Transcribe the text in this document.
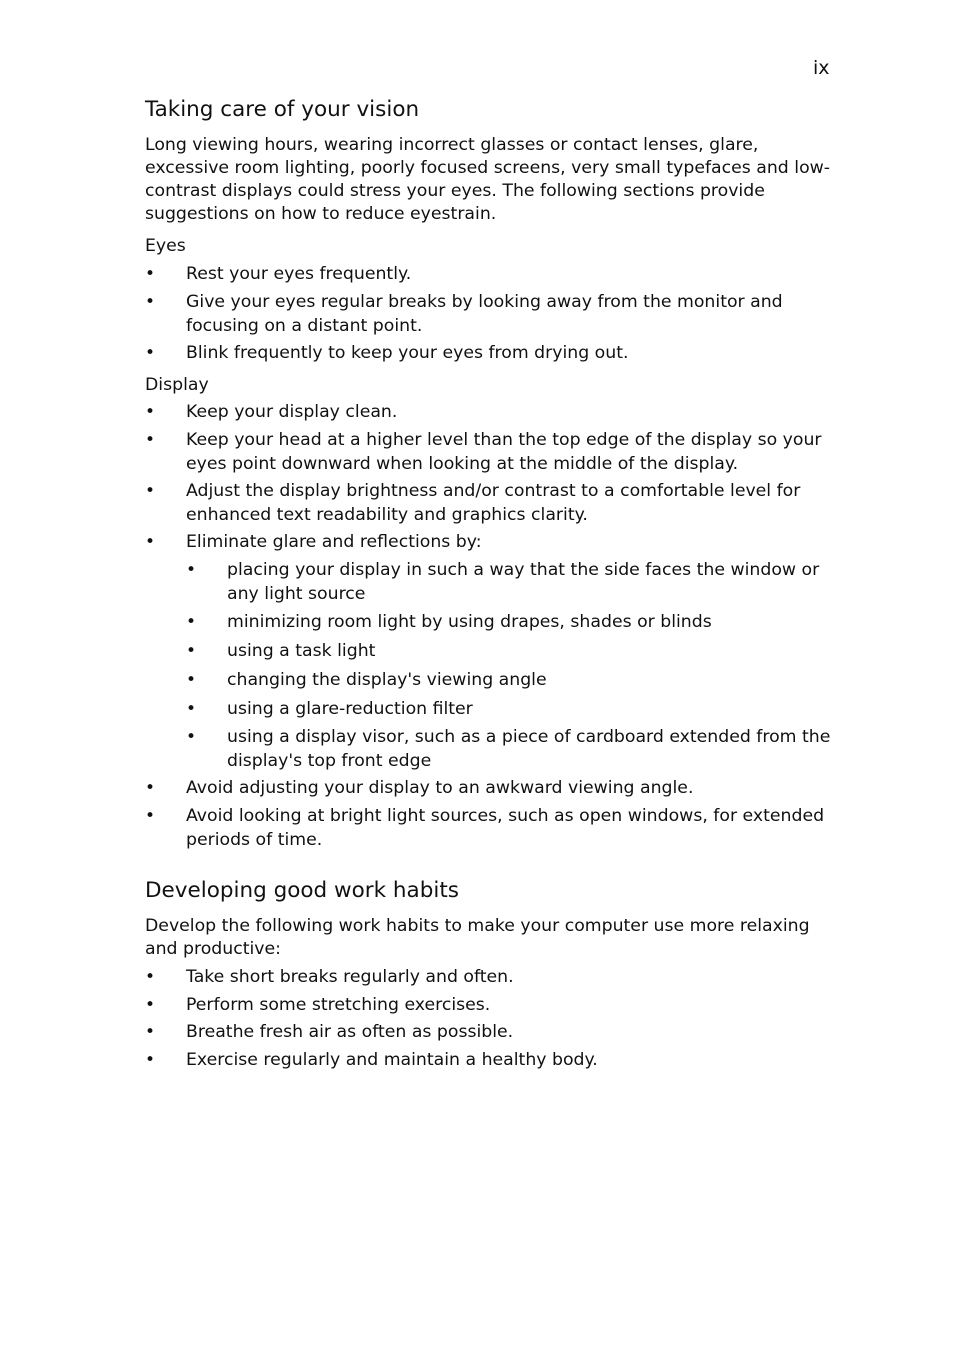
ix
Taking care of your vision

Long viewing hours, wearing incorrect glasses or contact lenses, glare, excessive room lighting, poorly focused screens, very small typefaces and low-contrast displays could stress your eyes. The following sections provide suggestions on how to reduce eyestrain.

Eyes

• Rest your eyes frequently.
• Give your eyes regular breaks by looking away from the monitor and focusing on a distant point.
• Blink frequently to keep your eyes from drying out.

Display

• Keep your display clean.
• Keep your head at a higher level than the top edge of the display so your eyes point downward when looking at the middle of the display.
• Adjust the display brightness and/or contrast to a comfortable level for enhanced text readability and graphics clarity.
• Eliminate glare and reflections by:
• placing your display in such a way that the side faces the window or any light source
• minimizing room light by using drapes, shades or blinds
• using a task light
• changing the display's viewing angle
• using a glare-reduction filter
• using a display visor, such as a piece of cardboard extended from the display's top front edge
• Avoid adjusting your display to an awkward viewing angle.
• Avoid looking at bright light sources, such as open windows, for extended periods of time.
Developing good work habits

Develop the following work habits to make your computer use more relaxing and productive:

• Take short breaks regularly and often.
• Perform some stretching exercises.
• Breathe fresh air as often as possible.
• Exercise regularly and maintain a healthy body.
